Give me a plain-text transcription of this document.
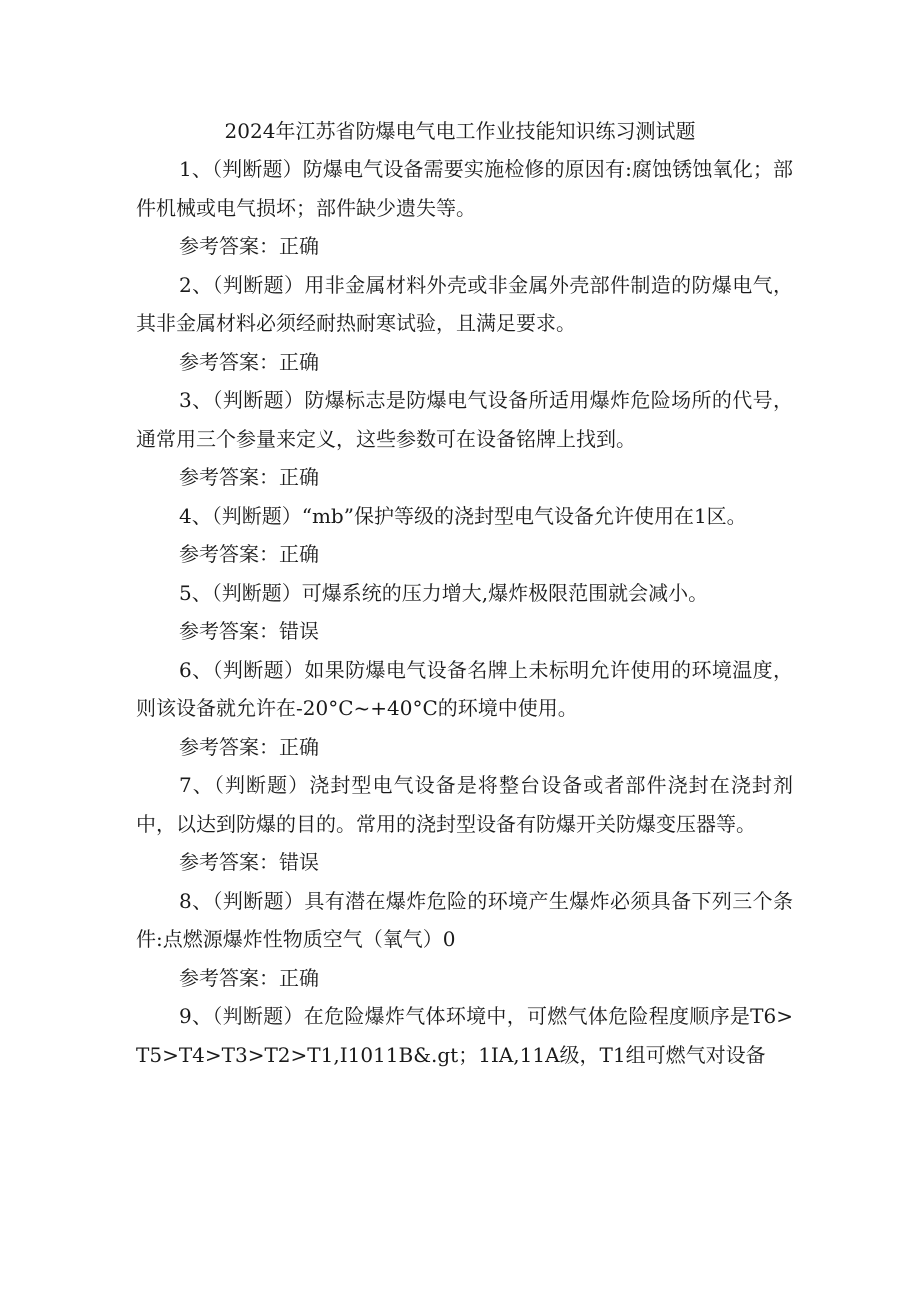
2024年江苏省防爆电气电工作业技能知识练习测试题

1、（判断题）防爆电气设备需要实施检修的原因有:腐蚀锈蚀氧化；部件机械或电气损坏；部件缺少遗失等。

参考答案：正确

2、（判断题）用非金属材料外壳或非金属外壳部件制造的防爆电气，其非金属材料必须经耐热耐寒试验，且满足要求。

参考答案：正确

3、（判断题）防爆标志是防爆电气设备所适用爆炸危险场所的代号，通常用三个参量来定义，这些参数可在设备铭牌上找到。

参考答案：正确

4、（判断题）“mb”保护等级的浇封型电气设备允许使用在1区。

参考答案：正确

5、（判断题）可爆系统的压力增大,爆炸极限范围就会减小。

参考答案：错误

6、（判断题）如果防爆电气设备名牌上未标明允许使用的环境温度，则该设备就允许在-20°C~+40°C的环境中使用。

参考答案：正确

7、（判断题）浇封型电气设备是将整台设备或者部件浇封在浇封剂中，以达到防爆的目的。常用的浇封型设备有防爆开关防爆变压器等。

参考答案：错误

8、（判断题）具有潜在爆炸危险的环境产生爆炸必须具备下列三个条件:点燃源爆炸性物质空气（氧气）0

参考答案：正确

9、（判断题）在危险爆炸气体环境中，可燃气体危险程度顺序是T6>T5>T4>T3>T2>T1,I1011B&.gt；1IA,11A级，T1组可燃气对设备
